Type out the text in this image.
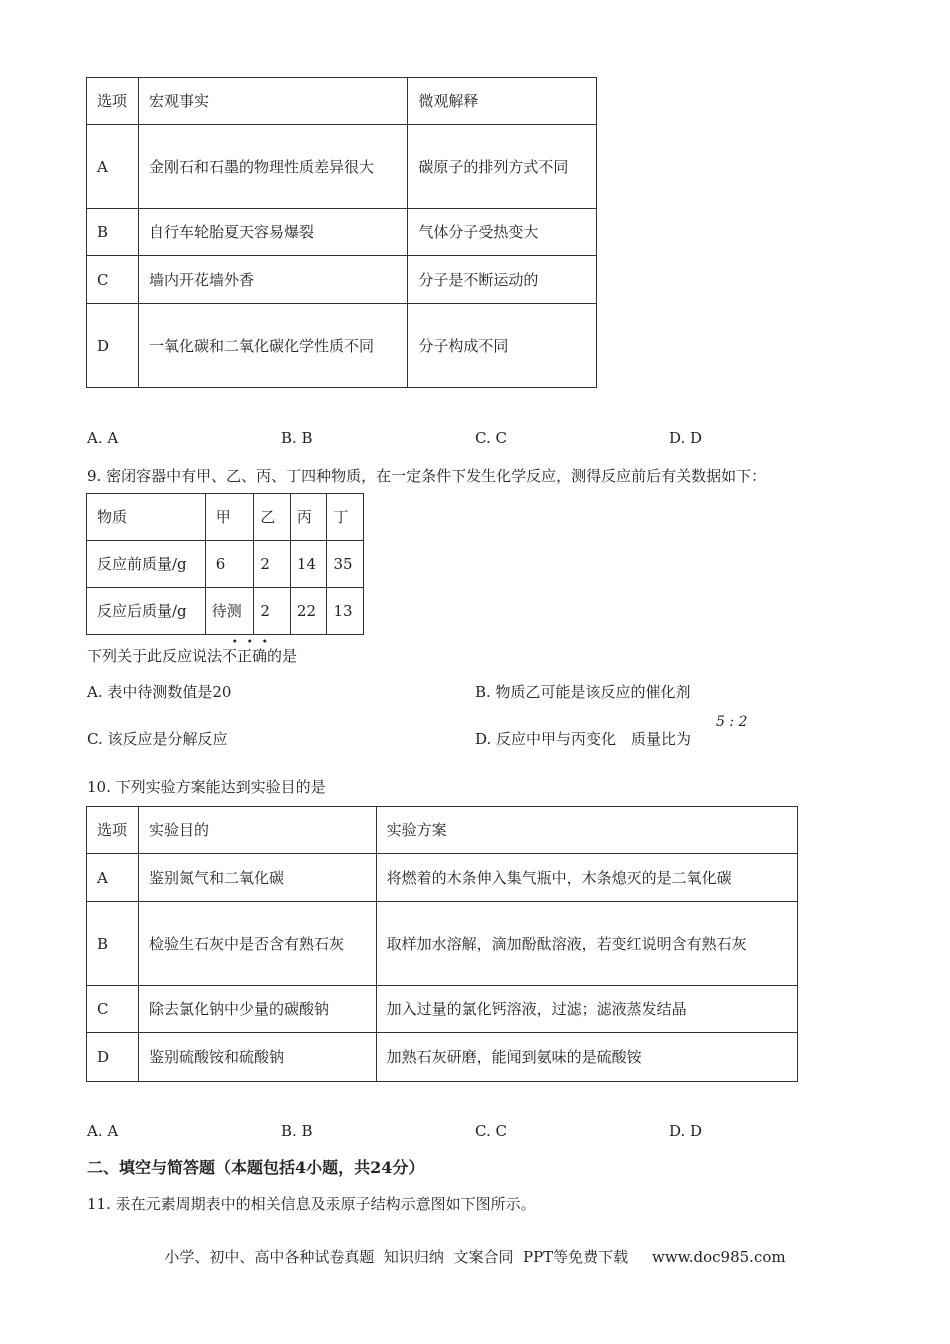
选项	宏观事实	微观解释
A	金刚石和石墨的物理性质差异很大	碳原子的排列方式不同
B	自行车轮胎夏天容易爆裂	气体分子受热变大
C	墙内开花墙外香	分子是不断运动的
D	一氧化碳和二氧化碳化学性质不同	分子构成不同
A. A	B. B	C. C	D. D
9. 密闭容器中有甲、乙、丙、丁四种物质，在一定条件下发生化学反应，测得反应前后有关数据如下：
物质	甲	乙	丙	丁
反应前质量/g	6	2	14	35
反应后质量/g	待测	2	22	13
下列关于此反应说法不正确的是
A. 表中待测数值是20	B. 物质乙可能是该反应的催化剂
C. 该反应是分解反应	D. 反应中甲与丙变化　质量比为
5 : 2
10. 下列实验方案能达到实验目的是
选项	实验目的	实验方案
A	鉴别氮气和二氧化碳	将燃着的木条伸入集气瓶中，木条熄灭的是二氧化碳
B	检验生石灰中是否含有熟石灰	取样加水溶解，滴加酚酞溶液，若变红说明含有熟石灰
C	除去氯化钠中少量的碳酸钠	加入过量的氯化钙溶液，过滤；滤液蒸发结晶
D	鉴别硫酸铵和硫酸钠	加熟石灰研磨，能闻到氨味的是硫酸铵
A. A	B. B	C. C	D. D
二、填空与简答题（本题包括4小题，共24分）
11. 汞在元素周期表中的相关信息及汞原子结构示意图如下图所示。
小学、初中、高中各种试卷真题  知识归纳  文案合同  PPT等免费下载     www.doc985.com
